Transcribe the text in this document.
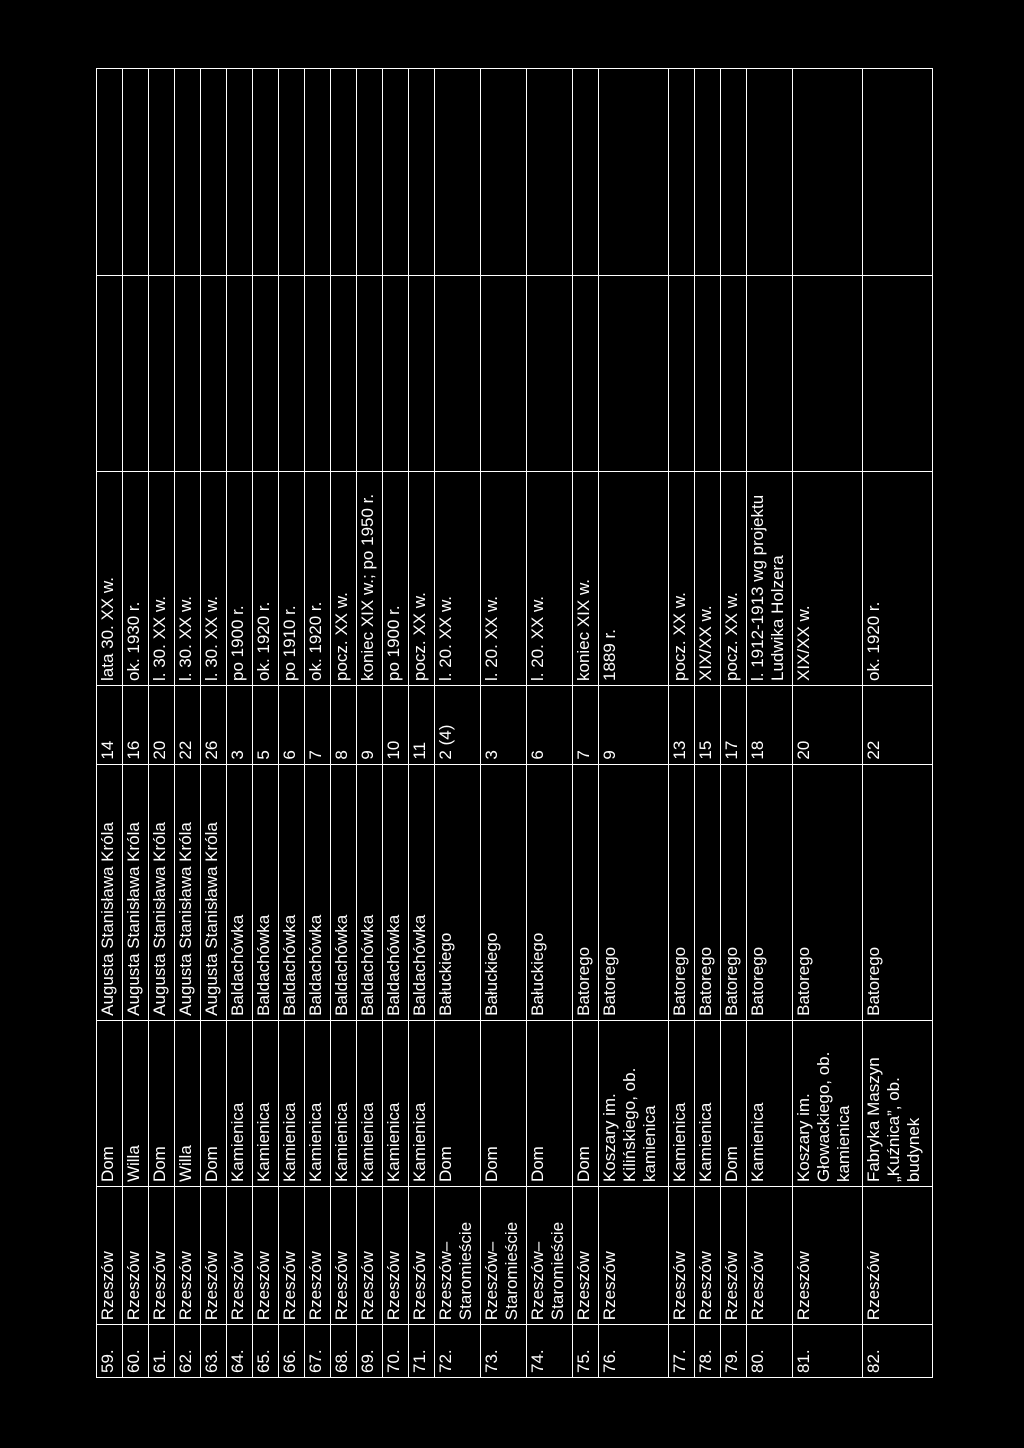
59.	Rzeszów	Dom	Augusta Stanisława Króla	14	lata 30. XX w.		
60.	Rzeszów	Willa	Augusta Stanisława Króla	16	ok. 1930 r.		
61.	Rzeszów	Dom	Augusta Stanisława Króla	20	l. 30. XX w.		
62.	Rzeszów	Willa	Augusta Stanisława Króla	22	l. 30. XX w.		
63.	Rzeszów	Dom	Augusta Stanisława Króla	26	l. 30. XX w.		
64.	Rzeszów	Kamienica	Baldachówka	3	po 1900 r.		
65.	Rzeszów	Kamienica	Baldachówka	5	ok. 1920 r.		
66.	Rzeszów	Kamienica	Baldachówka	6	po 1910 r.		
67.	Rzeszów	Kamienica	Baldachówka	7	ok. 1920 r.		
68.	Rzeszów	Kamienica	Baldachówka	8	pocz. XX w.		
69.	Rzeszów	Kamienica	Baldachówka	9	koniec XIX w.; po 1950 r.		
70.	Rzeszów	Kamienica	Baldachówka	10	po 1900 r.		
71.	Rzeszów	Kamienica	Baldachówka	11	pocz. XX w.		
72.	Rzeszów–
Staromieście	Dom	Bałuckiego	2 (4)	l. 20. XX w.		
73.	Rzeszów–
Staromieście	Dom	Bałuckiego	3	l. 20. XX w.		
74.	Rzeszów–
Staromieście	Dom	Bałuckiego	6	l. 20. XX w.		
75.	Rzeszów	Dom	Batorego	7	koniec XIX w.		
76.	Rzeszów	Koszary im.
Kilińskiego, ob.
kamienica	Batorego	9	1889 r.		
77.	Rzeszów	Kamienica	Batorego	13	pocz. XX w.		
78.	Rzeszów	Kamienica	Batorego	15	XIX/XX w.		
79.	Rzeszów	Dom	Batorego	17	pocz. XX w.		
80.	Rzeszów	Kamienica	Batorego	18	l. 1912-1913 wg projektu
Ludwika Holzera		
81.	Rzeszów	Koszary im.
Głowackiego, ob.
kamienica	Batorego	20	XIX/XX w.		
82.	Rzeszów	Fabryka Maszyn
„Kuźnica”, ob.
budynek	Batorego	22	ok. 1920 r.		
